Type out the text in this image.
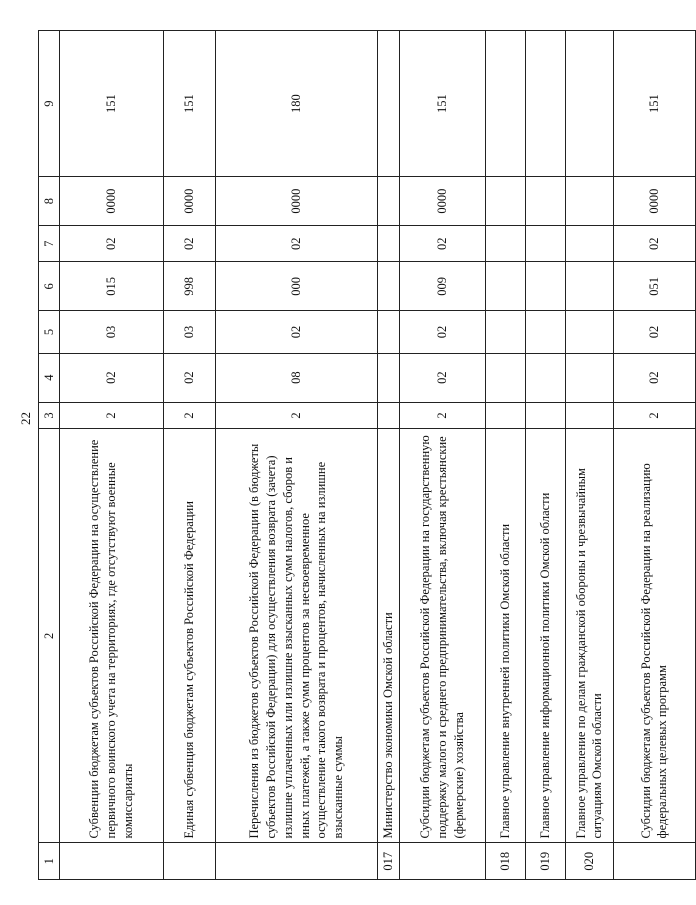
22
1	2	3	4	5	6	7	8	9
	Субвенции бюджетам субъектов Российской Федерации на осуществление первичного воинского учета на территориях, где отсутствуют военные комиссариаты	2	02	03	015	02	0000	151
	Единая субвенция бюджетам субъектов Российской Федерации	2	02	03	998	02	0000	151
	Перечисления из бюджетов субъектов Российской Федерации (в бюджеты субъектов Российской Федерации) для осуществления возврата (зачета) излишне уплаченных или излишне взысканных сумм налогов, сборов и иных платежей, а также сумм процентов за несвоевременное осуществление такого возврата и процентов, начисленных на излишне взысканные суммы	2	08	02	000	02	0000	180
017	Министерство экономики Омской области							
	Субсидии бюджетам субъектов Российской Федерации на государственную поддержку малого и среднего предпринимательства, включая крестьянские (фермерские) хозяйства	2	02	02	009	02	0000	151
018	Главное управление внутренней политики Омской области							
019	Главное управление информационной политики Омской области							
020	Главное управление по делам гражданской обороны и чрезвычайным ситуациям Омской области							
	Субсидии бюджетам субъектов Российской Федерации на реализацию федеральных целевых программ	2	02	02	051	02	0000	151
